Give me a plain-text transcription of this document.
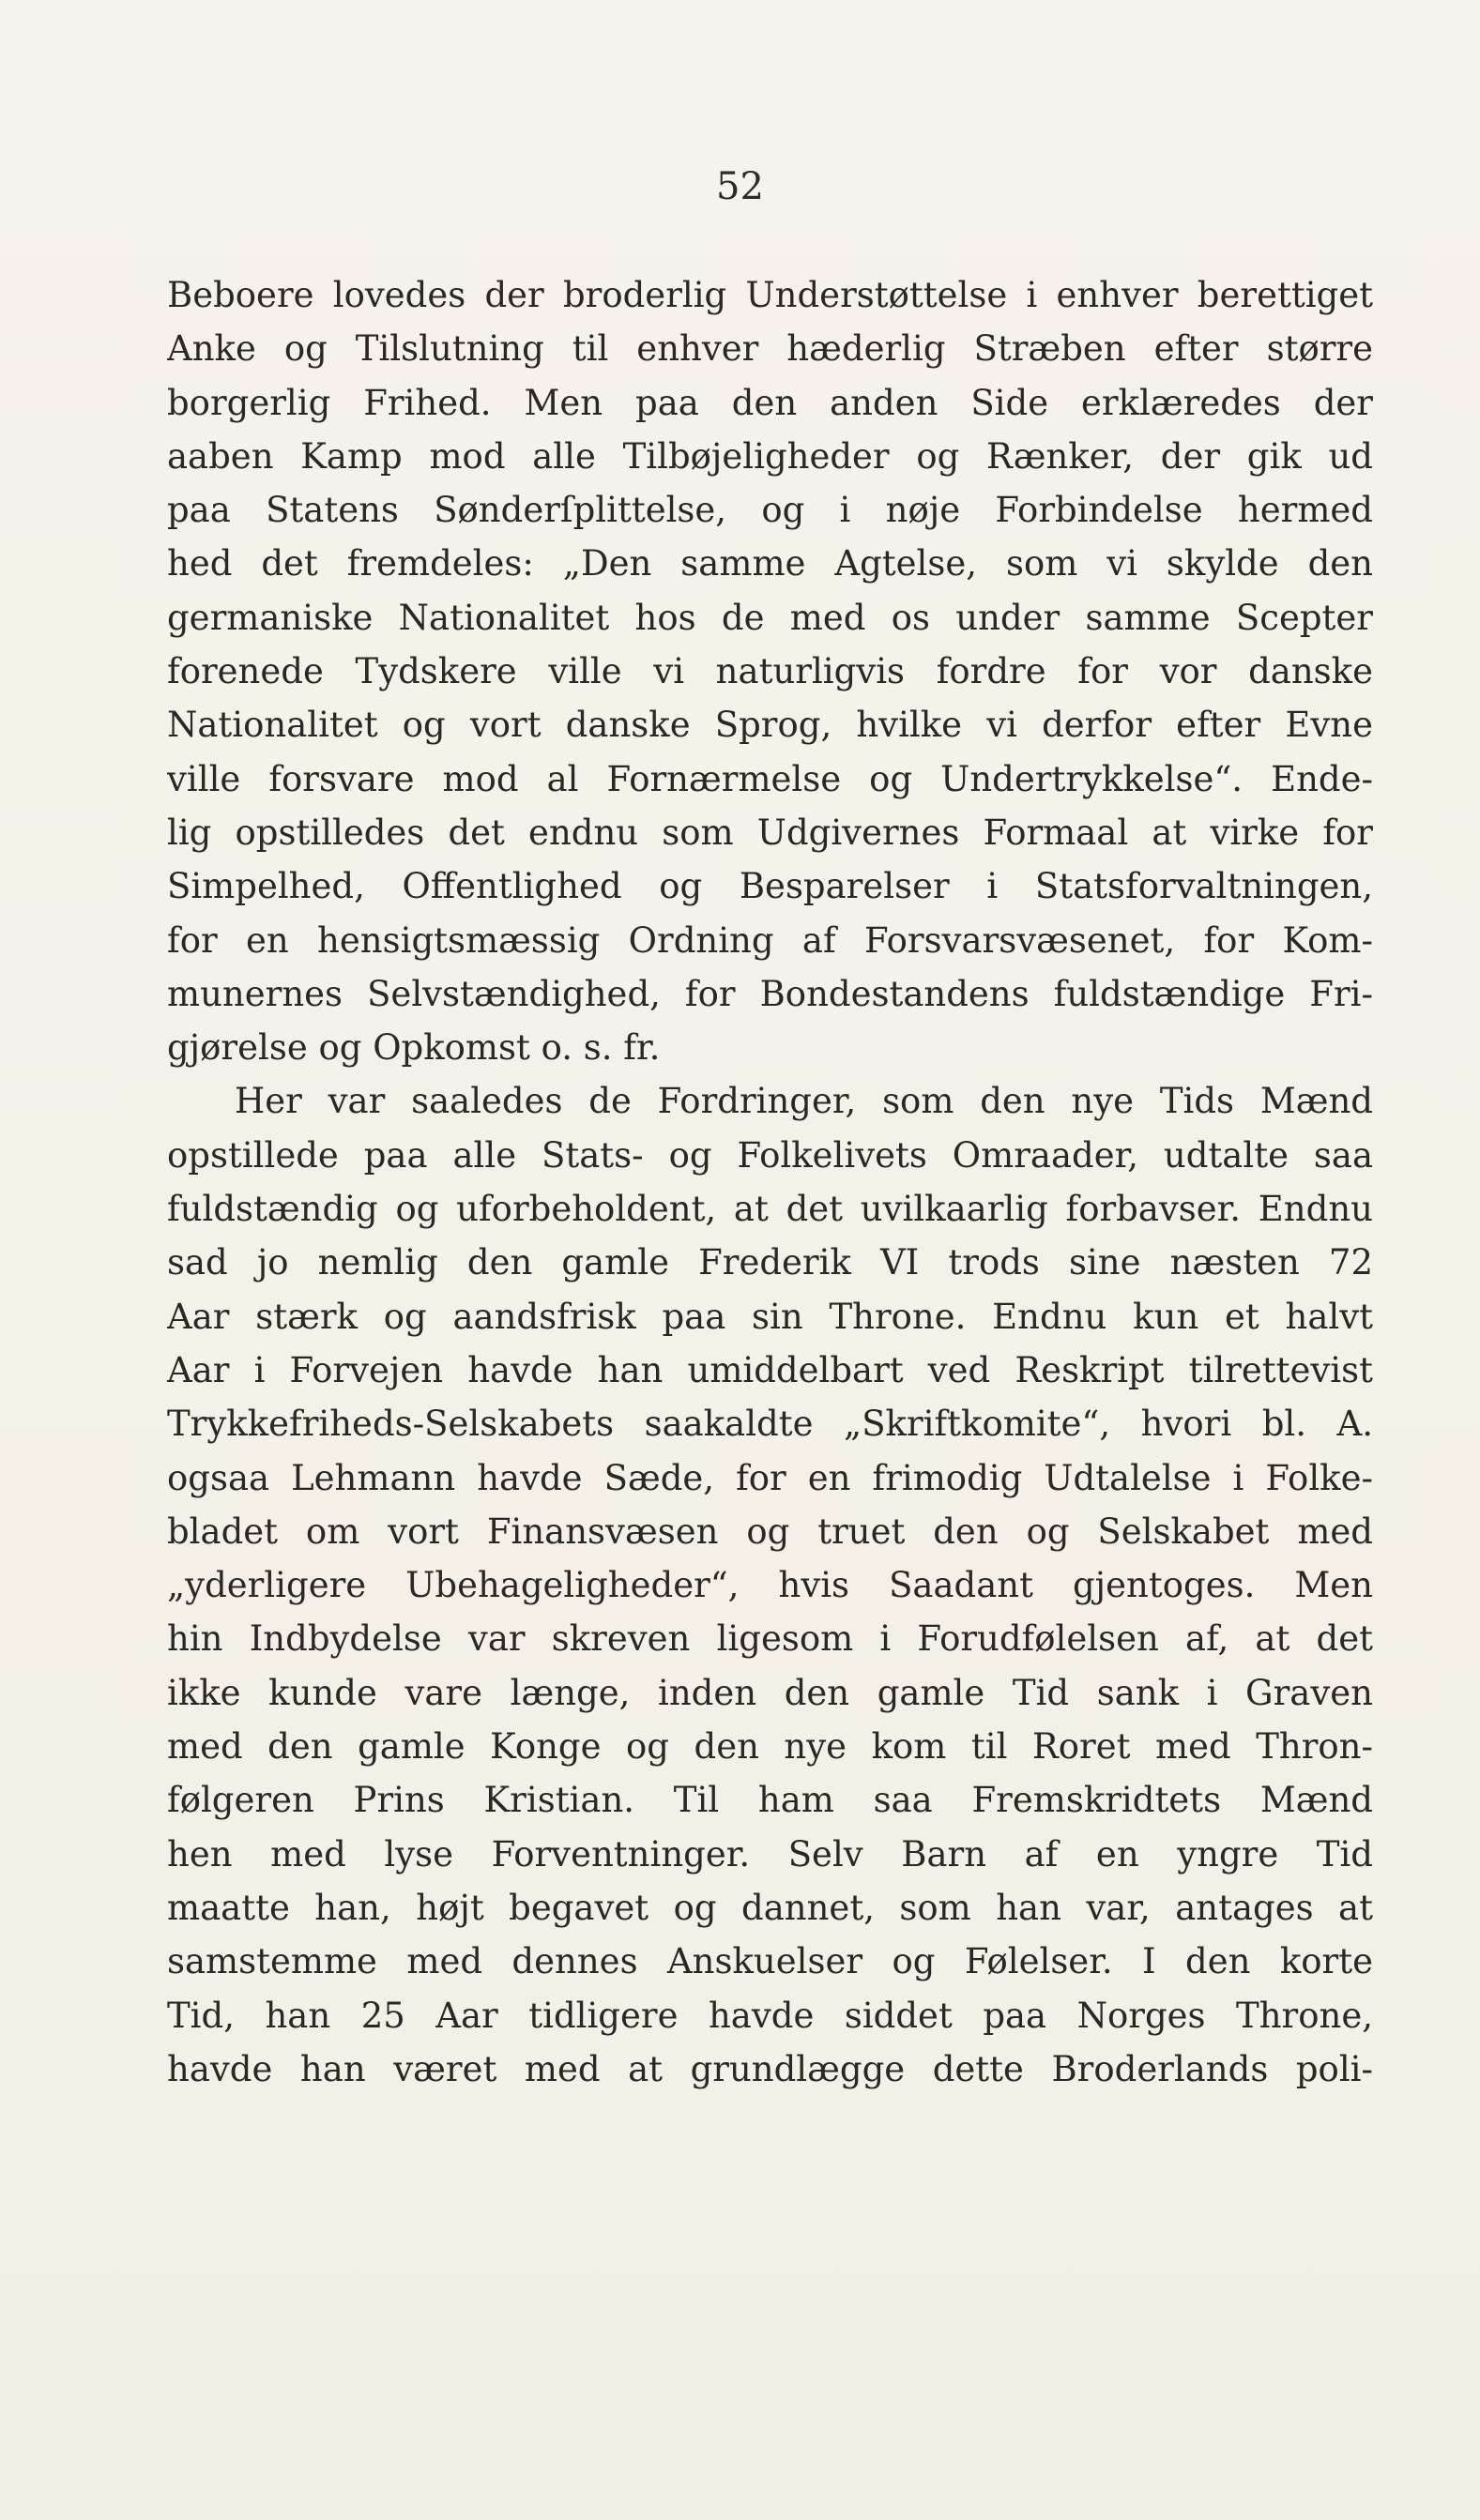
52
Beboere lovedes der broderlig Understøttelse i enhver berettiget
Anke og Tilslutning til enhver hæderlig Stræben efter større
borgerlig Frihed. Men paa den anden Side erklæredes der
aaben Kamp mod alle Tilbøjeligheder og Rænker, der gik ud
paa Statens Sønderſplittelse, og i nøje Forbindelse hermed
hed det fremdeles: „Den samme Agtelse, som vi skylde den
germaniske Nationalitet hos de med os under samme Scepter
forenede Tydskere ville vi naturligvis fordre for vor danske
Nationalitet og vort danske Sprog, hvilke vi derfor efter Evne
ville forsvare mod al Fornærmelse og Undertrykkelse“. Ende-
lig opstilledes det endnu som Udgivernes Formaal at virke for
Simpelhed, Offentlighed og Besparelser i Statsforvaltningen,
for en hensigtsmæssig Ordning af Forsvarsvæsenet, for Kom-
munernes Selvstændighed, for Bondestandens fuldstændige Fri-
gjørelse og Opkomst o. s. fr.
Her var saaledes de Fordringer, som den nye Tids Mænd
opstillede paa alle Stats- og Folkelivets Omraader, udtalte saa
fuldstændig og uforbeholdent, at det uvilkaarlig forbavser. Endnu
sad jo nemlig den gamle Frederik VI trods sine næsten 72
Aar stærk og aandsfrisk paa sin Throne. Endnu kun et halvt
Aar i Forvejen havde han umiddelbart ved Reskript tilrettevist
Trykkefriheds-Selskabets saakaldte „Skriftkomite“, hvori bl. A.
ogsaa Lehmann havde Sæde, for en frimodig Udtalelse i Folke-
bladet om vort Finansvæsen og truet den og Selskabet med
„yderligere Ubehageligheder“, hvis Saadant gjentoges. Men
hin Indbydelse var skreven ligesom i Forudfølelsen af, at det
ikke kunde vare længe, inden den gamle Tid sank i Graven
med den gamle Konge og den nye kom til Roret med Thron-
følgeren Prins Kristian. Til ham saa Fremskridtets Mænd
hen med lyse Forventninger. Selv Barn af en yngre Tid
maatte han, højt begavet og dannet, som han var, antages at
samstemme med dennes Anskuelser og Følelser. I den korte
Tid, han 25 Aar tidligere havde siddet paa Norges Throne,
havde han været med at grundlægge dette Broderlands poli-
